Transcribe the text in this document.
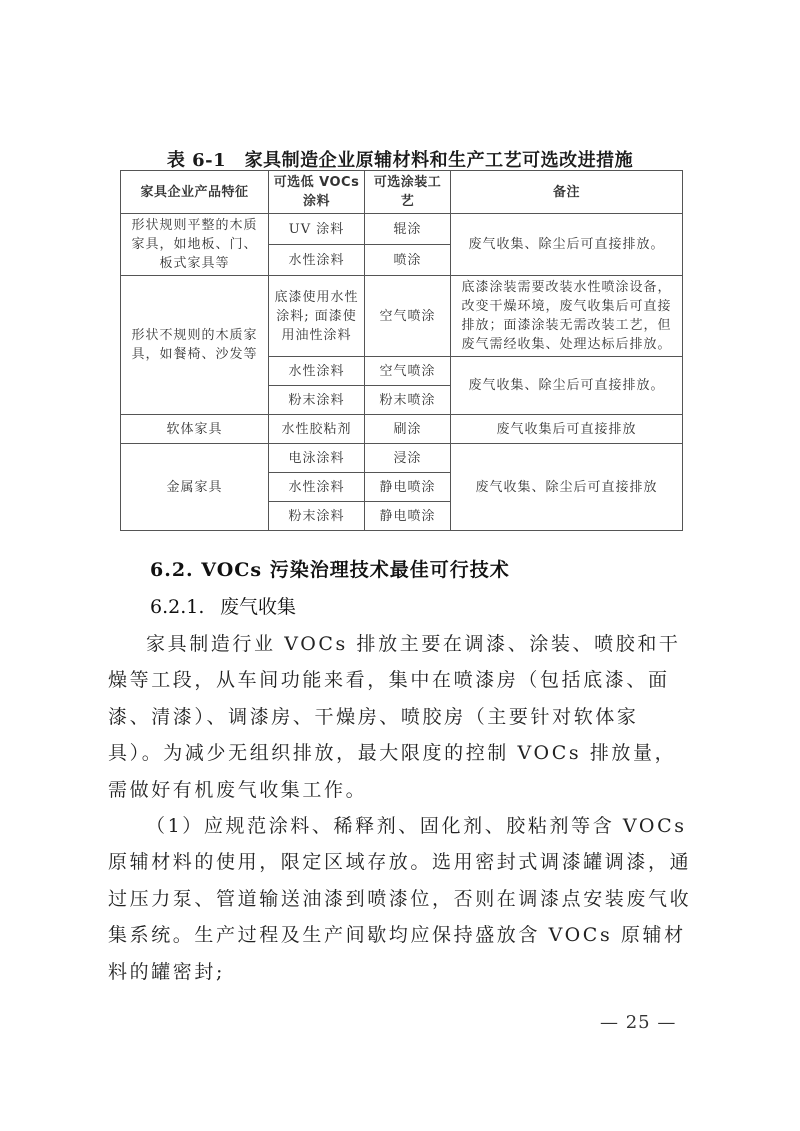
表 6-1　家具制造企业原辅材料和生产工艺可选改进措施
家具企业产品特征	可选低 VOCs 涂料	可选涂装工艺	备注
形状规则平整的木质家具，如地板、门、板式家具等	UV 涂料	辊涂	废气收集、除尘后可直接排放。
	水性涂料	喷涂	
形状不规则的木质家具，如餐椅、沙发等	底漆使用水性涂料; 面漆使用油性涂料	空气喷涂	底漆涂装需要改装水性喷涂设备，改变干燥环境，废气收集后可直接排放；面漆涂装无需改装工艺，但废气需经收集、处理达标后排放。
	水性涂料	空气喷涂	废气收集、除尘后可直接排放。
	粉末涂料	粉末喷涂	
软体家具	水性胶粘剂	刷涂	废气收集后可直接排放
金属家具	电泳涂料	浸涂	废气收集、除尘后可直接排放
	水性涂料	静电喷涂	
	粉末涂料	静电喷涂	
6.2. VOCs 污染治理技术最佳可行技术
6.2.1. 废气收集

家具制造行业 VOCs 排放主要在调漆、涂装、喷胶和干燥等工段，从车间功能来看，集中在喷漆房（包括底漆、面漆、清漆）、调漆房、干燥房、喷胶房（主要针对软体家具）。为减少无组织排放，最大限度的控制 VOCs 排放量，需做好有机废气收集工作。

（1）应规范涂料、稀释剂、固化剂、胶粘剂等含 VOCs 原辅材料的使用，限定区域存放。选用密封式调漆罐调漆，通过压力泵、管道输送油漆到喷漆位，否则在调漆点安装废气收集系统。生产过程及生产间歇均应保持盛放含 VOCs 原辅材料的罐密封;

— 25 —
